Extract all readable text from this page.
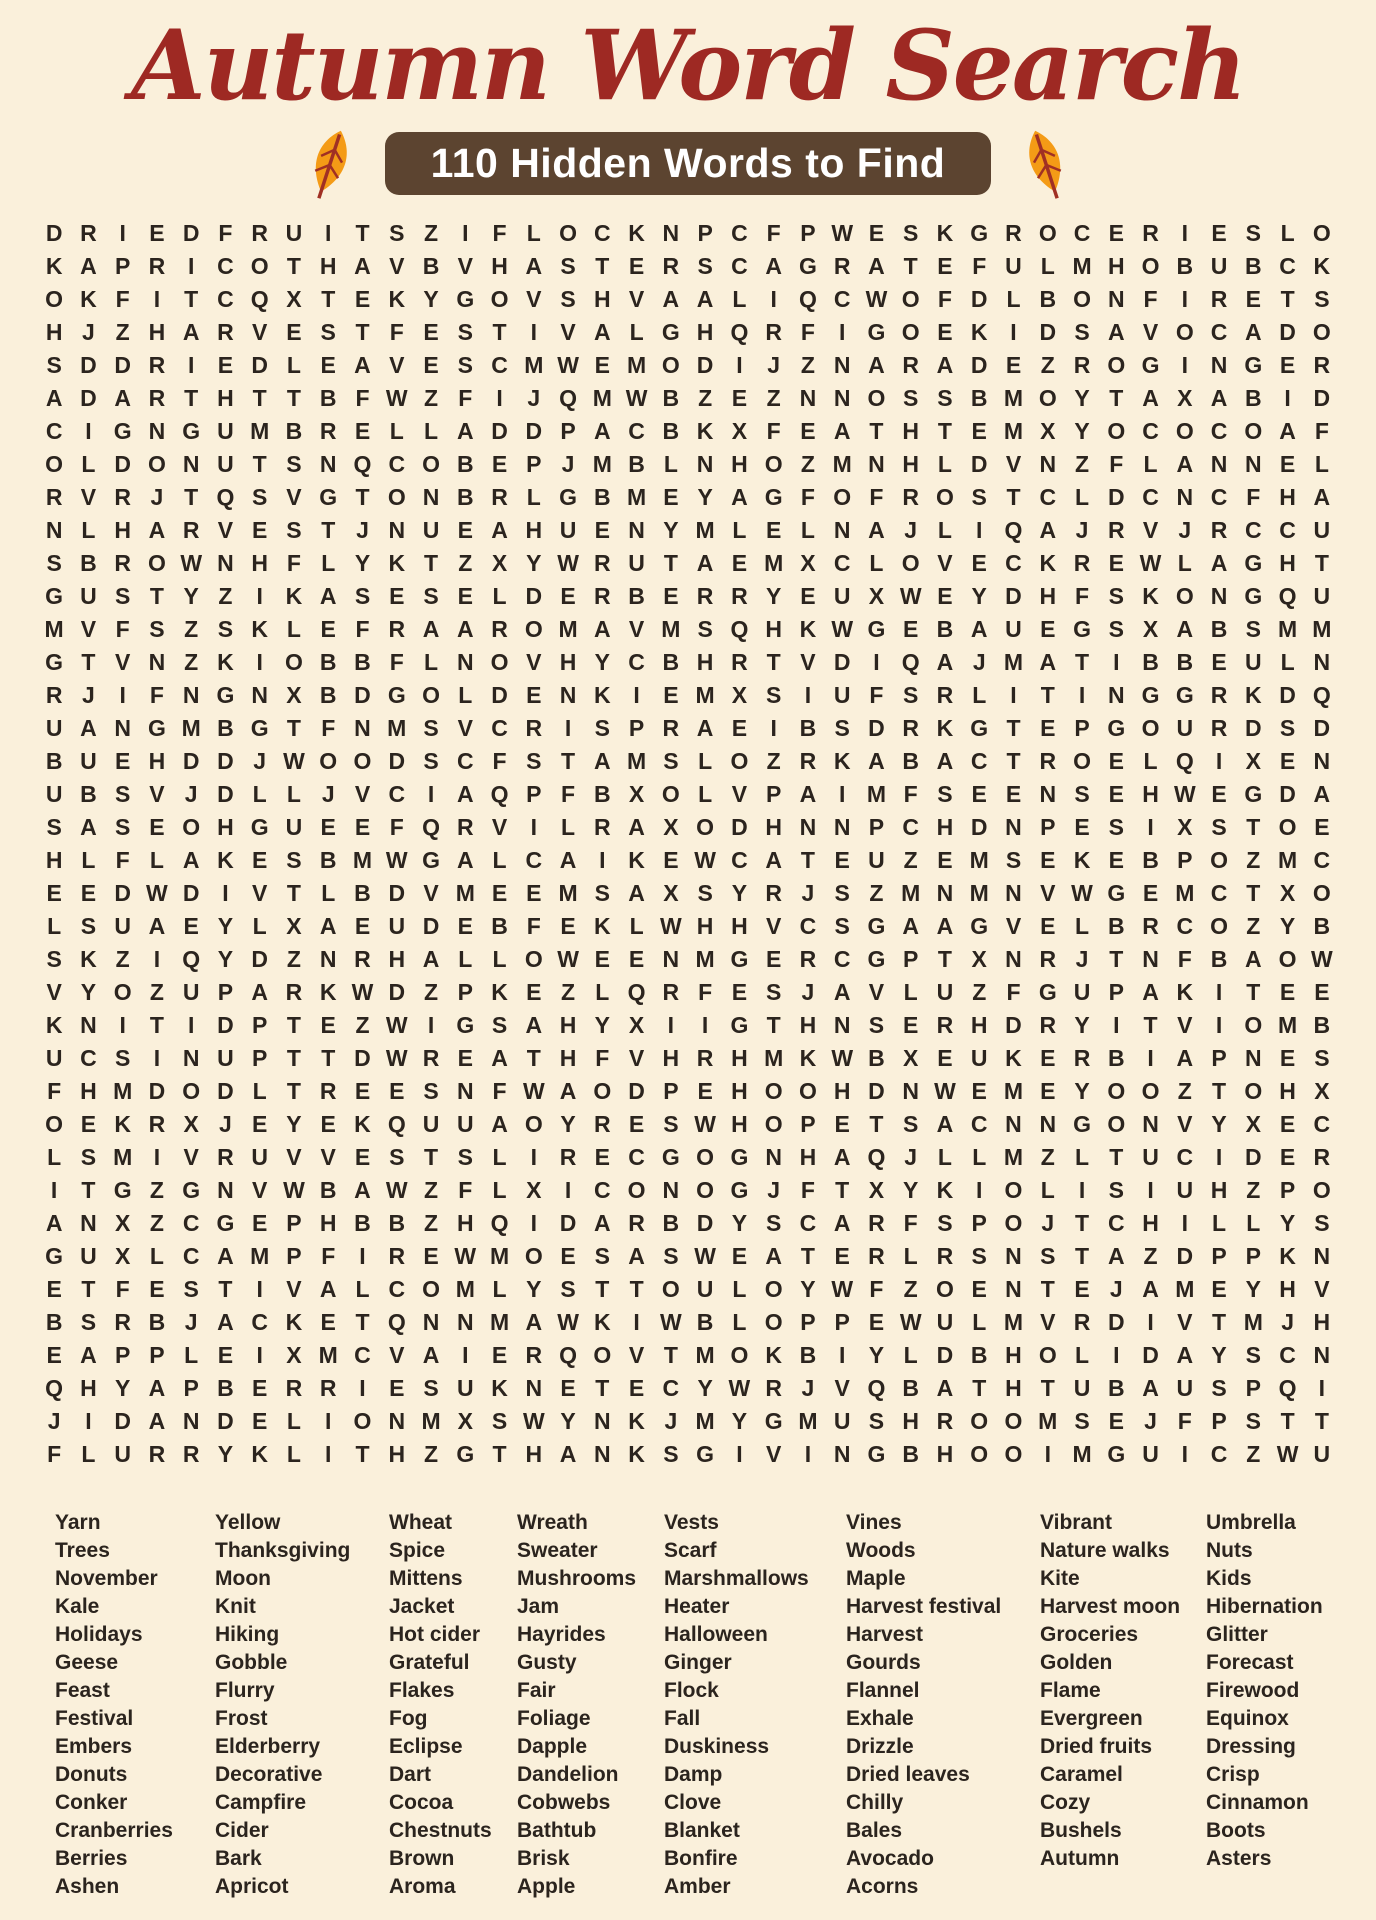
Autumn Word Search
110 Hidden Words to Find
D R I	E D F R U I	T S Z	I	F L O C K N P C F P W E S K G R O C E R I	E S L O
K A P R I C O T H A V B V H A S T E R S C A G R A T E F U L M H O B U B C K
O K F	I	T C Q X T E K Y G O V S H V A A L	I Q C W O F D L B O N F	I R E T S
H J Z H A R V E S T F E S T	I	V A L G H Q R F	I G O E K I D S A V O C A D O
S D D R I	E D L E A V E S C M W E M O D I	J Z N A R A D E Z R O G I N G E R
A D A R T H T T B F W Z F	I	J Q M W B Z E Z N N O S S B M O Y T A X A B I D
C I G N G U M B R E L L A D D P A C B K X F E A T H T E M X Y O C O C O A F
O L D O N U T S N Q C O B E P J M B L N H O Z M N H L D V N Z F L A N N E L
R V R J T Q S V G T O N B R L G B M E Y A G F O F R O S T C L D C N C F H A
N L H A R V E S T J N U E A H U E N Y M L E L N A J L	I Q A J R V J R C C U
S B R O W N H F L Y K T Z X Y W R U T A E M X C L O V E C K R E W L A G H T
G U S T Y Z	I K A S E S E L D E R B E R R Y E U X W E Y D H F S K O N G Q U
M V F S Z S K L E F R A A R O M A V M S Q H K W G E B A U E G S X A B S M M
G T V N Z K I O B B F L N O V H Y C B H R T V D I Q A J M A T	I B B E U L N
R J	I	F N G N X B D G O L D E N K I	E M X S	I U F S R L	I	T	I N G G R K D Q
U A N G M B G T F N M S V C R I	S P R A E	I B S D R K G T E P G O U R D S D
B U E H D D J W O O D S C F S T A M S L O Z R K A B A C T R O E L Q I	X E N
U B S V J D L L J V C I A Q P F B X O L V P A I M F S E E N S E H W E G D A
S A S E O H G U E E F Q R V	I	L R A X O D H N N P C H D N P E S	I	X S T O E
H L F L A K E S B M W G A L C A I K E W C A T E U Z E M S E K E B P O Z M C
E E D W D I	V T L B D V M E E M S A X S Y R J S Z M N M N V W G E M C T X O
L S U A E Y L X A E U D E B F E K L W H H V C S G A A G V E L B R C O Z Y B
S K Z	I Q Y D Z N R H A L L O W E E N M G E R C G P T X N R J T N F B A O W
V Y O Z U P A R K W D Z P K E Z L Q R F E S J A V L U Z F G U P A K I	T E E
K N I	T	I D P T E Z W I G S A H Y X	I	I G T H N S E R H D R Y	I	T V	I O M B
U C S	I N U P T T D W R E A T H F V H R H M K W B X E U K E R B I A P N E S
F H M D O D L T R E E S N F W A O D P E H O O H D N W E M E Y O O Z T O H X
O E K R X J E Y E K Q U U A O Y R E S W H O P E T S A C N N G O N V Y X E C
L S M I	V R U V V E S T S L	I R E C G O G N H A Q J L L M Z L T U C I D E R
I	T G Z G N V W B A W Z F L X	I C O N O G J F T X Y K I O L	I	S	I U H Z P O
A N X Z C G E P H B B Z H Q I D A R B D Y S C A R F S P O J T C H I	L L Y S
G U X L C A M P F	I R E W M O E S A S W E A T E R L R S N S T A Z D P P K N
E T F E S T	I	V A L C O M L Y S T T O U L O Y W F Z O E N T E J A M E Y H V
B S R B J A C K E T Q N N M A W K I W B L O P P E W U L M V R D I	V T M J H
E A P P L E	I	X M C V A I	E R Q O V T M O K B I	Y L D B H O L	I D A Y S C N
Q H Y A P B E R R I	E S U K N E T E C Y W R J V Q B A T H T U B A U S P Q I
J	I D A N D E L	I O N M X S W Y N K J M Y G M U S H R O O M S E J F P S T T
F L U R R Y K L	I	T H Z G T H A N K S G I	V	I N G B H O O I M G U I C Z W U
Yarn
Trees
November
Kale
Holidays
Geese
Feast
Festival
Embers
Donuts
Conker
Cranberries
Berries
Ashen
Yellow
Thanksgiving
Moon
Knit
Hiking
Gobble
Flurry
Frost
Elderberry
Decorative
Campfire
Cider
Bark
Apricot
Wheat
Spice
Mittens
Jacket
Hot cider
Grateful
Flakes
Fog
Eclipse
Dart
Cocoa
Chestnuts
Brown
Aroma
Wreath
Sweater
Mushrooms
Jam
Hayrides
Gusty
Fair
Foliage
Dapple
Dandelion
Cobwebs
Bathtub
Brisk
Apple
Vests
Scarf
Marshmallows
Heater
Halloween
Ginger
Flock
Fall
Duskiness
Damp
Clove
Blanket
Bonfire
Amber
Vines
Woods
Maple
Harvest festival
Harvest
Gourds
Flannel
Exhale
Drizzle
Dried leaves
Chilly
Bales
Avocado
Acorns
Vibrant
Nature walks
Kite
Harvest moon
Groceries
Golden
Flame
Evergreen
Dried fruits
Caramel
Cozy
Bushels
Autumn
Umbrella
Nuts
Kids
Hibernation
Glitter
Forecast
Firewood
Equinox
Dressing
Crisp
Cinnamon
Boots
Asters
